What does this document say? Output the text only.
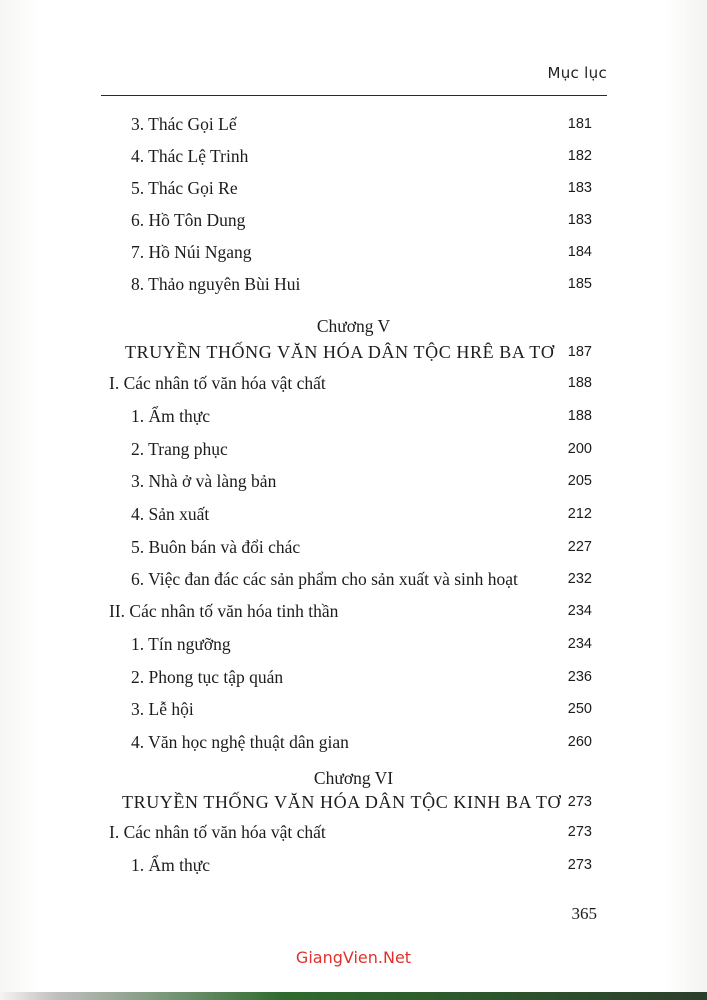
Mục lục
3. Thác Gọi Lế	181
4. Thác Lệ Trinh	182
5. Thác Gọi Re	183
6. Hồ Tôn Dung	183
7. Hồ Núi Ngang	184
8. Thảo nguyên Bùi Hui	185
Chương V
TRUYỀN THỐNG VĂN HÓA DÂN TỘC HRÊ BA TƠ 187
I. Các nhân tố văn hóa vật chất	188
1. Ẩm thực	188
2. Trang phục	200
3. Nhà ở và làng bản	205
4. Sản xuất	212
5. Buôn bán và đổi chác	227
6. Việc đan đác các sản phẩm cho sản xuất và sinh hoạt	232
II. Các nhân tố văn hóa tinh thần	234
1. Tín ngưỡng	234
2. Phong tục tập quán	236
3. Lễ hội	250
4. Văn học nghệ thuật dân gian	260
Chương VI
TRUYỀN THỐNG VĂN HÓA DÂN TỘC KINH BA TƠ 273
I. Các nhân tố văn hóa vật chất	273
1. Ẩm thực	273
365
GiangVien.Net
